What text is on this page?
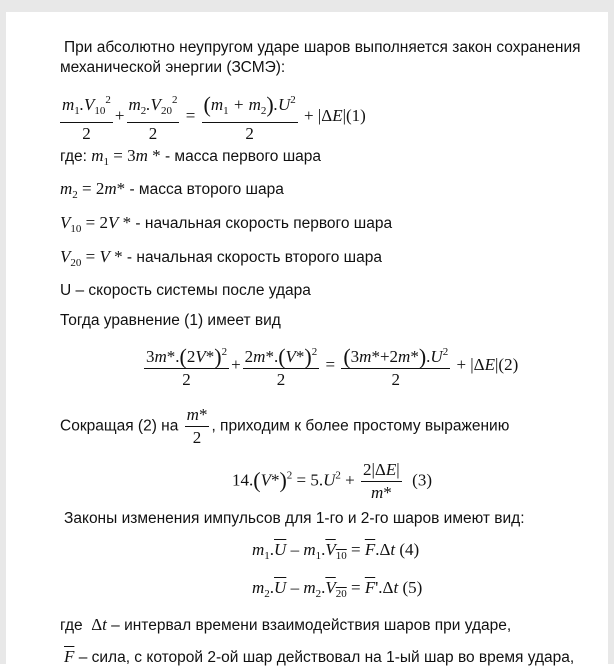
При абсолютно неупругом ударе шаров выполняется закон сохранения
механической энергии (ЗСМЭ):
$\frac{m_1.V_{10}^2}{2} + \frac{m_2.V_{20}^2}{2} = \frac{(m_1 + m_2).U^2}{2} + |\Delta E|(1)$
где: $m_1 = 3m$ * - масса первого шара
$m_2 = 2m*$ - масса второго шара
$V_{10} = 2V$ * - начальная скорость первого шара
$V_{20} = V$ * - начальная скорость второго шара
U – скорость системы после удара
Тогда уравнение (1) имеет вид
$\frac{3m*.(2V*)^2}{2} + \frac{2m*.(V*)^2}{2} = \frac{(3m*+2m*).U^2}{2} + |\Delta E|(2)$
Сокращая (2) на $\frac{m*}{2}$ , приходим к более простому выражению
$14.(V*)^2 = 5.U^2 + \frac{2|\Delta E|}{m*} (3)$
Законы изменения импульсов для 1-го и 2-го шаров имеют вид:
$m_1.\overline{U} - m_1.V_{10} = \overline{F}.\Delta t$ (4)
$m_2.\overline{U} - m_2.V_{20} = \overline{F}'.\Delta t$ (5)
где  Δt – интервал времени взаимодействия шаров при ударе,
$\overline{F}$ – сила, с которой 2-ой шар действовал на 1-ый шар во время удара,
